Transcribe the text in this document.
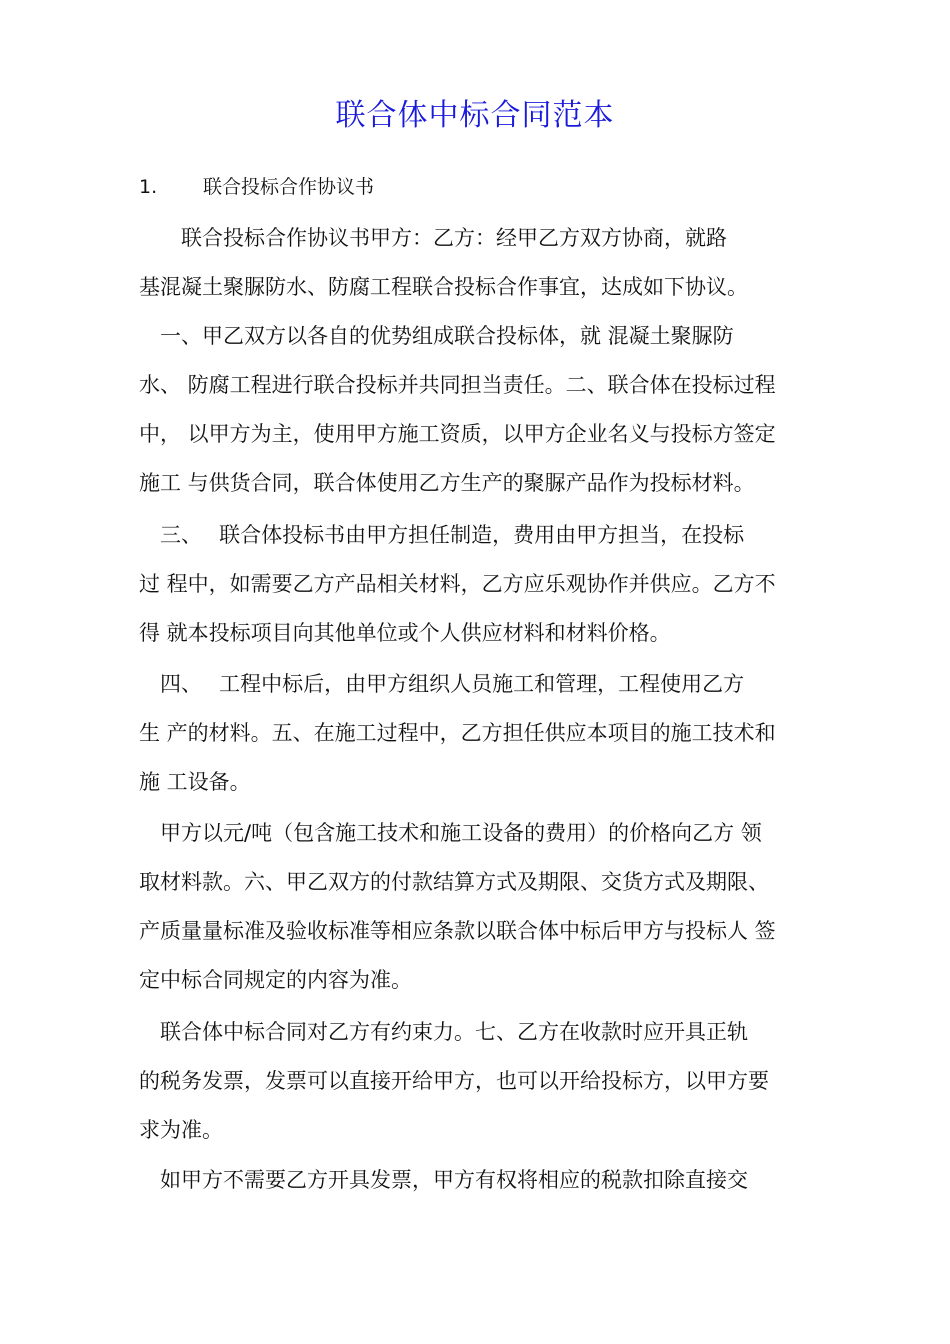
联合体中标合同范本
1. 联合投标合作协议书
　　联合投标合作协议书甲方：乙方：经甲乙方双方协商，就路
基混凝土聚脲防水、防腐工程联合投标合作事宜，达成如下协议。
　一、甲乙双方以各自的优势组成联合投标体，就 混凝土聚脲防
水、 防腐工程进行联合投标并共同担当责任。二、联合体在投标过程
中， 以甲方为主，使用甲方施工资质，以甲方企业名义与投标方签定
施工 与供货合同，联合体使用乙方生产的聚脲产品作为投标材料。
　三、　 联合体投标书由甲方担任制造，费用由甲方担当，在投标
过 程中，如需要乙方产品相关材料，乙方应乐观协作并供应。乙方不
得 就本投标项目向其他单位或个人供应材料和材料价格。
　四、　 工程中标后，由甲方组织人员施工和管理，工程使用乙方
生 产的材料。五、在施工过程中，乙方担任供应本项目的施工技术和
施 工设备。
　甲方以元/吨（包含施工技术和施工设备的费用）的价格向乙方 领
取材料款。六、甲乙双方的付款结算方式及期限、交货方式及期限、
产质量量标准及验收标准等相应条款以联合体中标后甲方与投标人 签
定中标合同规定的内容为准。
　联合体中标合同对乙方有约束力。七、乙方在收款时应开具正轨
的税务发票，发票可以直接开给甲方，也可以开给投标方，以甲方要
求为准。
　如甲方不需要乙方开具发票，甲方有权将相应的税款扣除直接交
